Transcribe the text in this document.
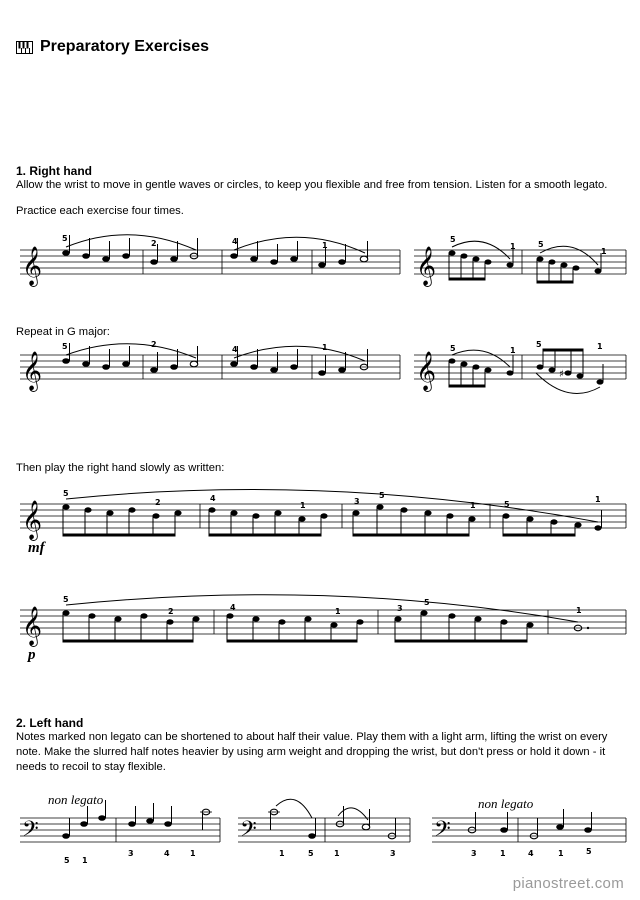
Preparatory Exercises
1. Right hand
Allow the wrist to move in gentle waves or circles, to keep you flexible and free from tension. Listen for a smooth legato.
Practice each exercise four times.
𝄞	𝄞
5
2	4	1
5
1	5
1
Repeat in G major:
𝄞	𝄞	♯
5	2
4	1	5	1
5	1
Then play the right hand slowly as written:
𝄞
5
2	4
1	3
5
1	5
1
mf
𝄞
5
2	4	1	3
5
1
p
2. Left hand
Notes marked non legato can be shortened to about half their value. Play them with a light arm, lifting the wrist on every note. Make the slurred half notes heavier by using arm weight and dropping the wrist, but don't press or hold it down - it needs to recoil to stay flexible.
non legato	non legato
𝄢	𝄢	𝄢
5 1
3	4	1	1	5	1	3	3	1	4	1	5
pianostreet.com
